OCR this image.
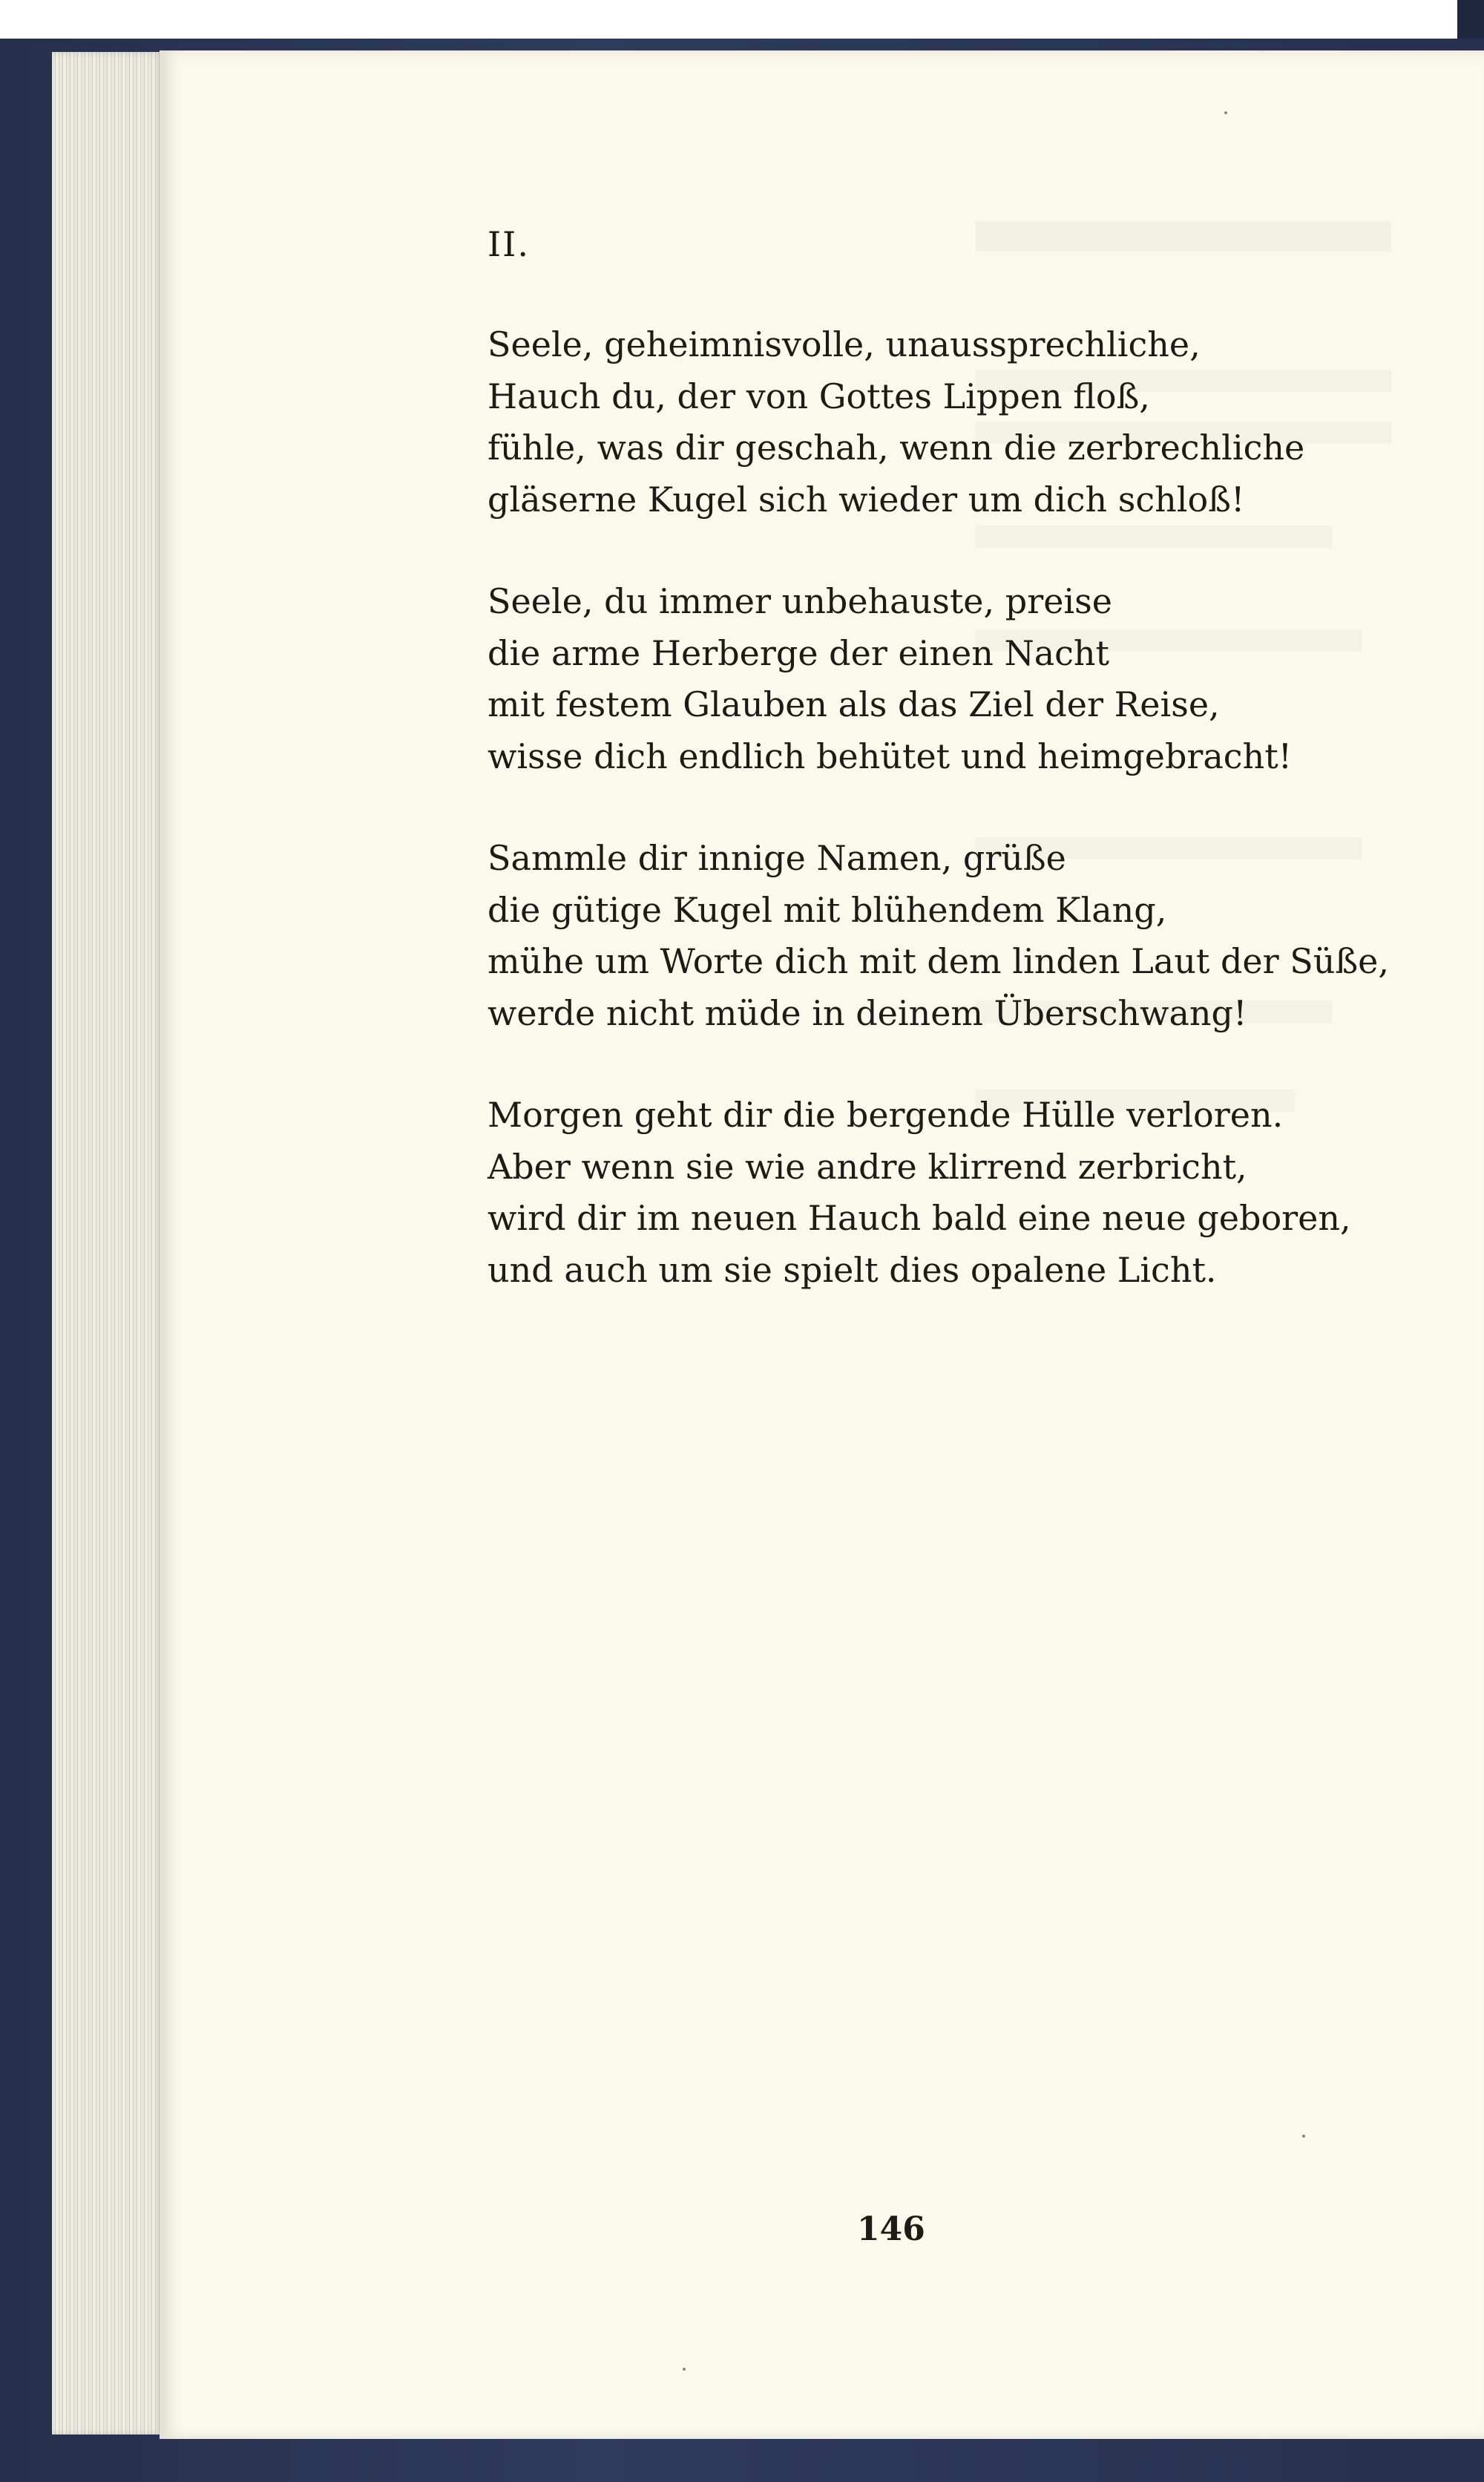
II.
Seele, geheimnisvolle, unaussprechliche,
Hauch du, der von Gottes Lippen floß,
fühle, was dir geschah, wenn die zerbrechliche
gläserne Kugel sich wieder um dich schloß!
Seele, du immer unbehauste, preise
die arme Herberge der einen Nacht
mit festem Glauben als das Ziel der Reise,
wisse dich endlich behütet und heimgebracht!
Sammle dir innige Namen, grüße
die gütige Kugel mit blühendem Klang,
mühe um Worte dich mit dem linden Laut der Süße,
werde nicht müde in deinem Überschwang!
Morgen geht dir die bergende Hülle verloren.
Aber wenn sie wie andre klirrend zerbricht,
wird dir im neuen Hauch bald eine neue geboren,
und auch um sie spielt dies opalene Licht.
146
